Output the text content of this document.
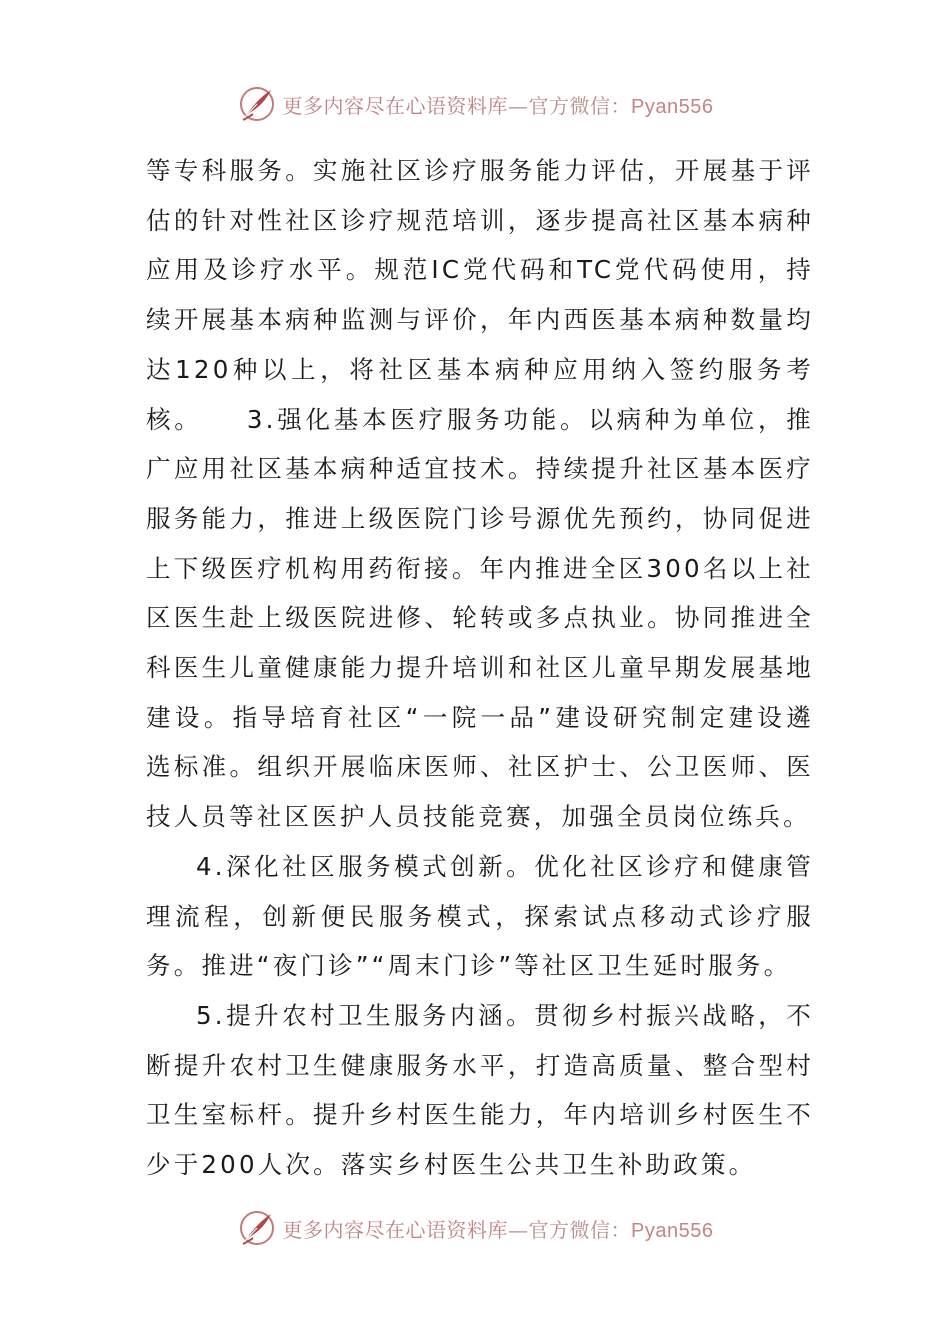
更多内容尽在心语资料库—官方微信：Pyan556

等专科服务。实施社区诊疗服务能力评估，开展基于评估的针对性社区诊疗规范培训，逐步提高社区基本病种应用及诊疗水平。规范IC党代码和TC党代码使用，持续开展基本病种监测与评价，年内西医基本病种数量均达120种以上，将社区基本病种应用纳入签约服务考核。　　3.强化基本医疗服务功能。以病种为单位，推广应用社区基本病种适宜技术。持续提升社区基本医疗服务能力，推进上级医院门诊号源优先预约，协同促进上下级医疗机构用药衔接。年内推进全区300名以上社区医生赴上级医院进修、轮转或多点执业。协同推进全科医生儿童健康能力提升培训和社区儿童早期发展基地建设。指导培育社区“一院一品”建设研究制定建设遴选标准。组织开展临床医师、社区护士、公卫医师、医技人员等社区医护人员技能竞赛，加强全员岗位练兵。

4.深化社区服务模式创新。优化社区诊疗和健康管理流程，创新便民服务模式，探索试点移动式诊疗服务。推进“夜门诊”“周末门诊”等社区卫生延时服务。

5.提升农村卫生服务内涵。贯彻乡村振兴战略，不断提升农村卫生健康服务水平，打造高质量、整合型村卫生室标杆。提升乡村医生能力，年内培训乡村医生不少于200人次。落实乡村医生公共卫生补助政策。

更多内容尽在心语资料库—官方微信：Pyan556
